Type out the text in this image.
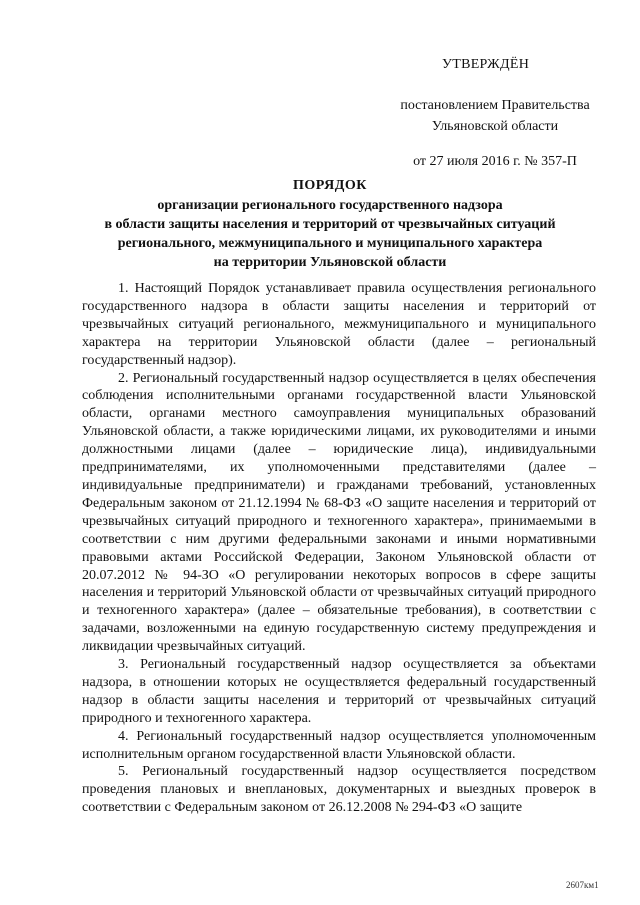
УТВЕРЖДЁН
постановлением Правительства
Ульяновской области
от 27 июля 2016 г. № 357-П
ПОРЯДОК
организации регионального государственного надзора
в области защиты населения и территорий от чрезвычайных ситуаций
регионального, межмуниципального и муниципального характера
на территории Ульяновской области

1. Настоящий Порядок устанавливает правила осуществления регионального государственного надзора в области защиты населения и территорий от чрезвычайных ситуаций регионального, межмуниципального и муниципального характера на территории Ульяновской области (далее – региональный государственный надзор).

2. Региональный государственный надзор осуществляется в целях обеспечения соблюдения исполнительными органами государственной власти Ульяновской области, органами местного самоуправления муниципальных образований Ульяновской области, а также юридическими лицами, их руководителями и иными должностными лицами (далее – юридические лица), индивидуальными предпринимателями, их уполномоченными представителями (далее – индивидуальные предприниматели) и гражданами требований, установленных Федеральным законом от 21.12.1994 № 68-ФЗ «О защите населения и территорий от чрезвычайных ситуаций природного и техногенного характера», принимаемыми в соответствии с ним другими федеральными законами и иными нормативными правовыми актами Российской Федерации, Законом Ульяновской области от 20.07.2012 № 94-ЗО «О регулировании некоторых вопросов в сфере защиты населения и территорий Ульяновской области от чрезвычайных ситуаций природного и техногенного характера» (далее – обязательные требования), в соответствии с задачами, возложенными на единую государственную систему предупреждения и ликвидации чрезвычайных ситуаций.

3. Региональный государственный надзор осуществляется за объектами надзора, в отношении которых не осуществляется федеральный государственный надзор в области защиты населения и территорий от чрезвычайных ситуаций природного и техногенного характера.

4. Региональный государственный надзор осуществляется уполномоченным исполнительным органом государственной власти Ульяновской области.

5. Региональный государственный надзор осуществляется посредством проведения плановых и внеплановых, документарных и выездных проверок в соответствии с Федеральным законом от 26.12.2008 № 294-ФЗ «О защите

2607км1
